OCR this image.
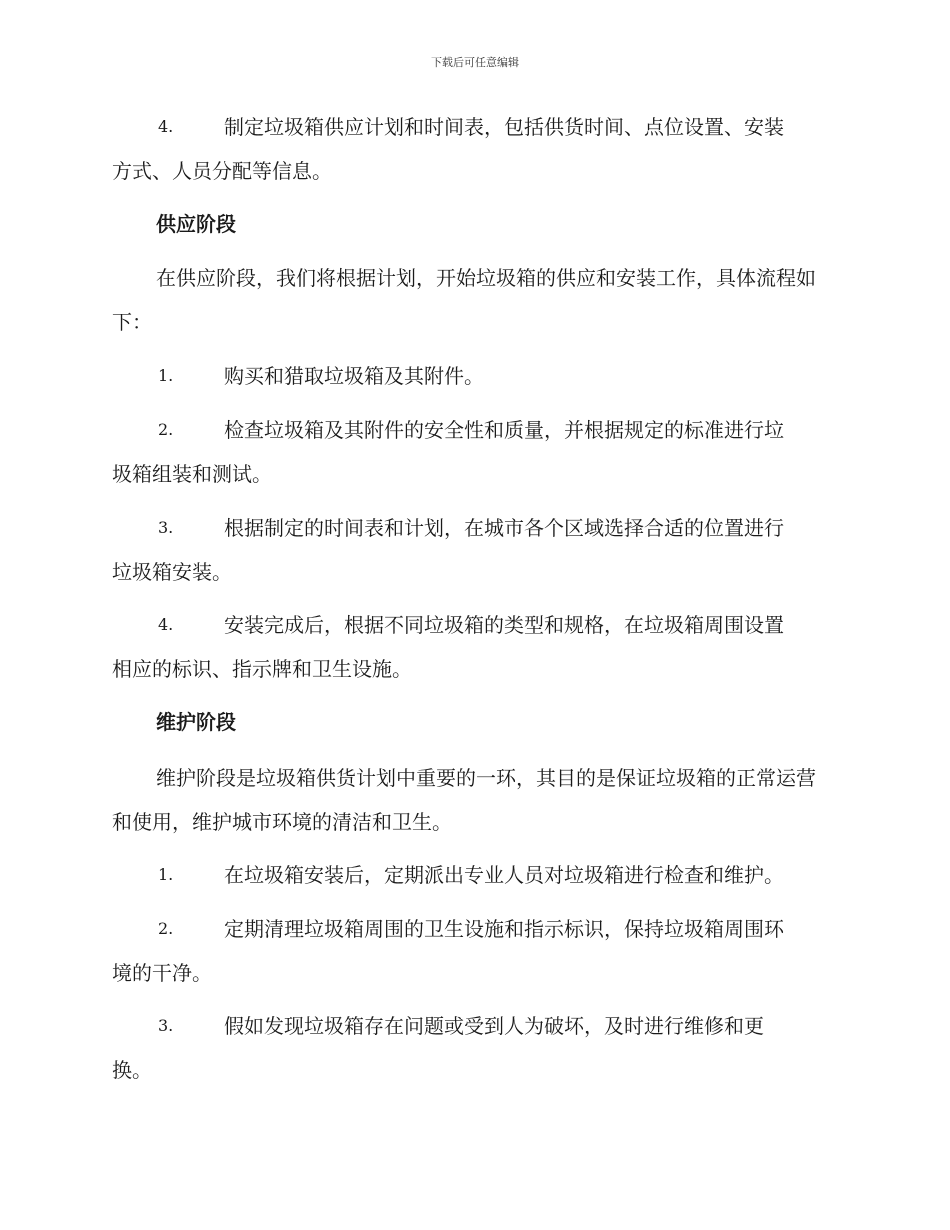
下载后可任意编辑
4.	制定垃圾箱供应计划和时间表，包括供货时间、点位设置、安装
方式、人员分配等信息。
供应阶段
在供应阶段，我们将根据计划，开始垃圾箱的供应和安装工作，具体流程如下：
1.	购买和猎取垃圾箱及其附件。
2.	检查垃圾箱及其附件的安全性和质量，并根据规定的标准进行垃
圾箱组装和测试。
3.	根据制定的时间表和计划，在城市各个区域选择合适的位置进行
垃圾箱安装。
4.	安装完成后，根据不同垃圾箱的类型和规格，在垃圾箱周围设置
相应的标识、指示牌和卫生设施。
维护阶段
维护阶段是垃圾箱供货计划中重要的一环，其目的是保证垃圾箱的正常运营和使用，维护城市环境的清洁和卫生。
1.	在垃圾箱安装后，定期派出专业人员对垃圾箱进行检查和维护。
2.	定期清理垃圾箱周围的卫生设施和指示标识，保持垃圾箱周围环
境的干净。
3.	假如发现垃圾箱存在问题或受到人为破坏，及时进行维修和更
换。
